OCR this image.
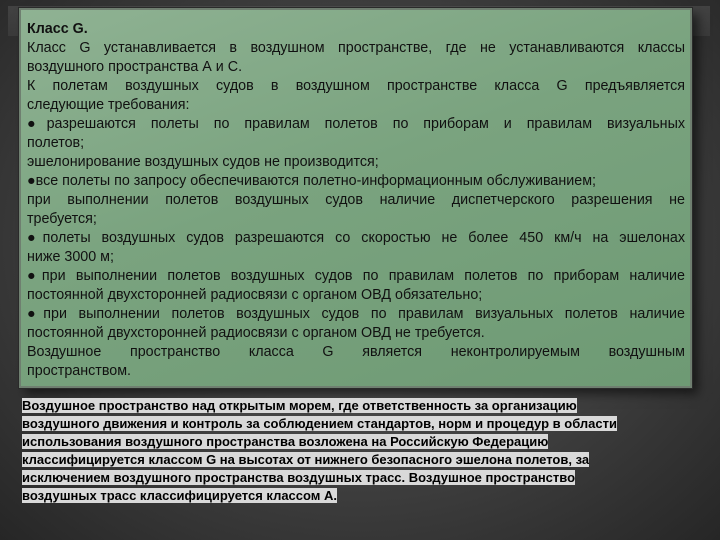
Класс G.
Класс G устанавливается в воздушном пространстве, где не устанавливаются классы
воздушного пространства А и С.
К полетам воздушных судов в воздушном пространстве класса G предъявляется
следующие требования:
●разрешаются полеты по правилам полетов по приборам и правилам визуальных
полетов;
эшелонирование воздушных судов не производится;
●все полеты по запросу обеспечиваются полетно-информационным обслуживанием;
при выполнении полетов воздушных судов наличие диспетчерского разрешения не
требуется;
●полеты воздушных судов разрешаются со скоростью не более 450 км/ч на эшелонах
ниже 3000 м;
●при выполнении полетов воздушных судов по правилам полетов по приборам наличие
постоянной двухсторонней радиосвязи с органом ОВД обязательно;
●при выполнении полетов воздушных судов по правилам визуальных полетов наличие
постоянной двухсторонней радиосвязи с органом ОВД не требуется.
Воздушное пространство класса G является неконтролируемым воздушным
пространством.
Воздушное пространство над открытым морем, где ответственность за организацию
воздушного движения и контроль за соблюдением стандартов, норм и процедур в области
использования воздушного пространства возложена на Российскую Федерацию
классифицируется классом G на высотах от нижнего безопасного эшелона полетов, за
исключением воздушного пространства воздушных трасс. Воздушное пространство
воздушных трасс классифицируется классом А.
